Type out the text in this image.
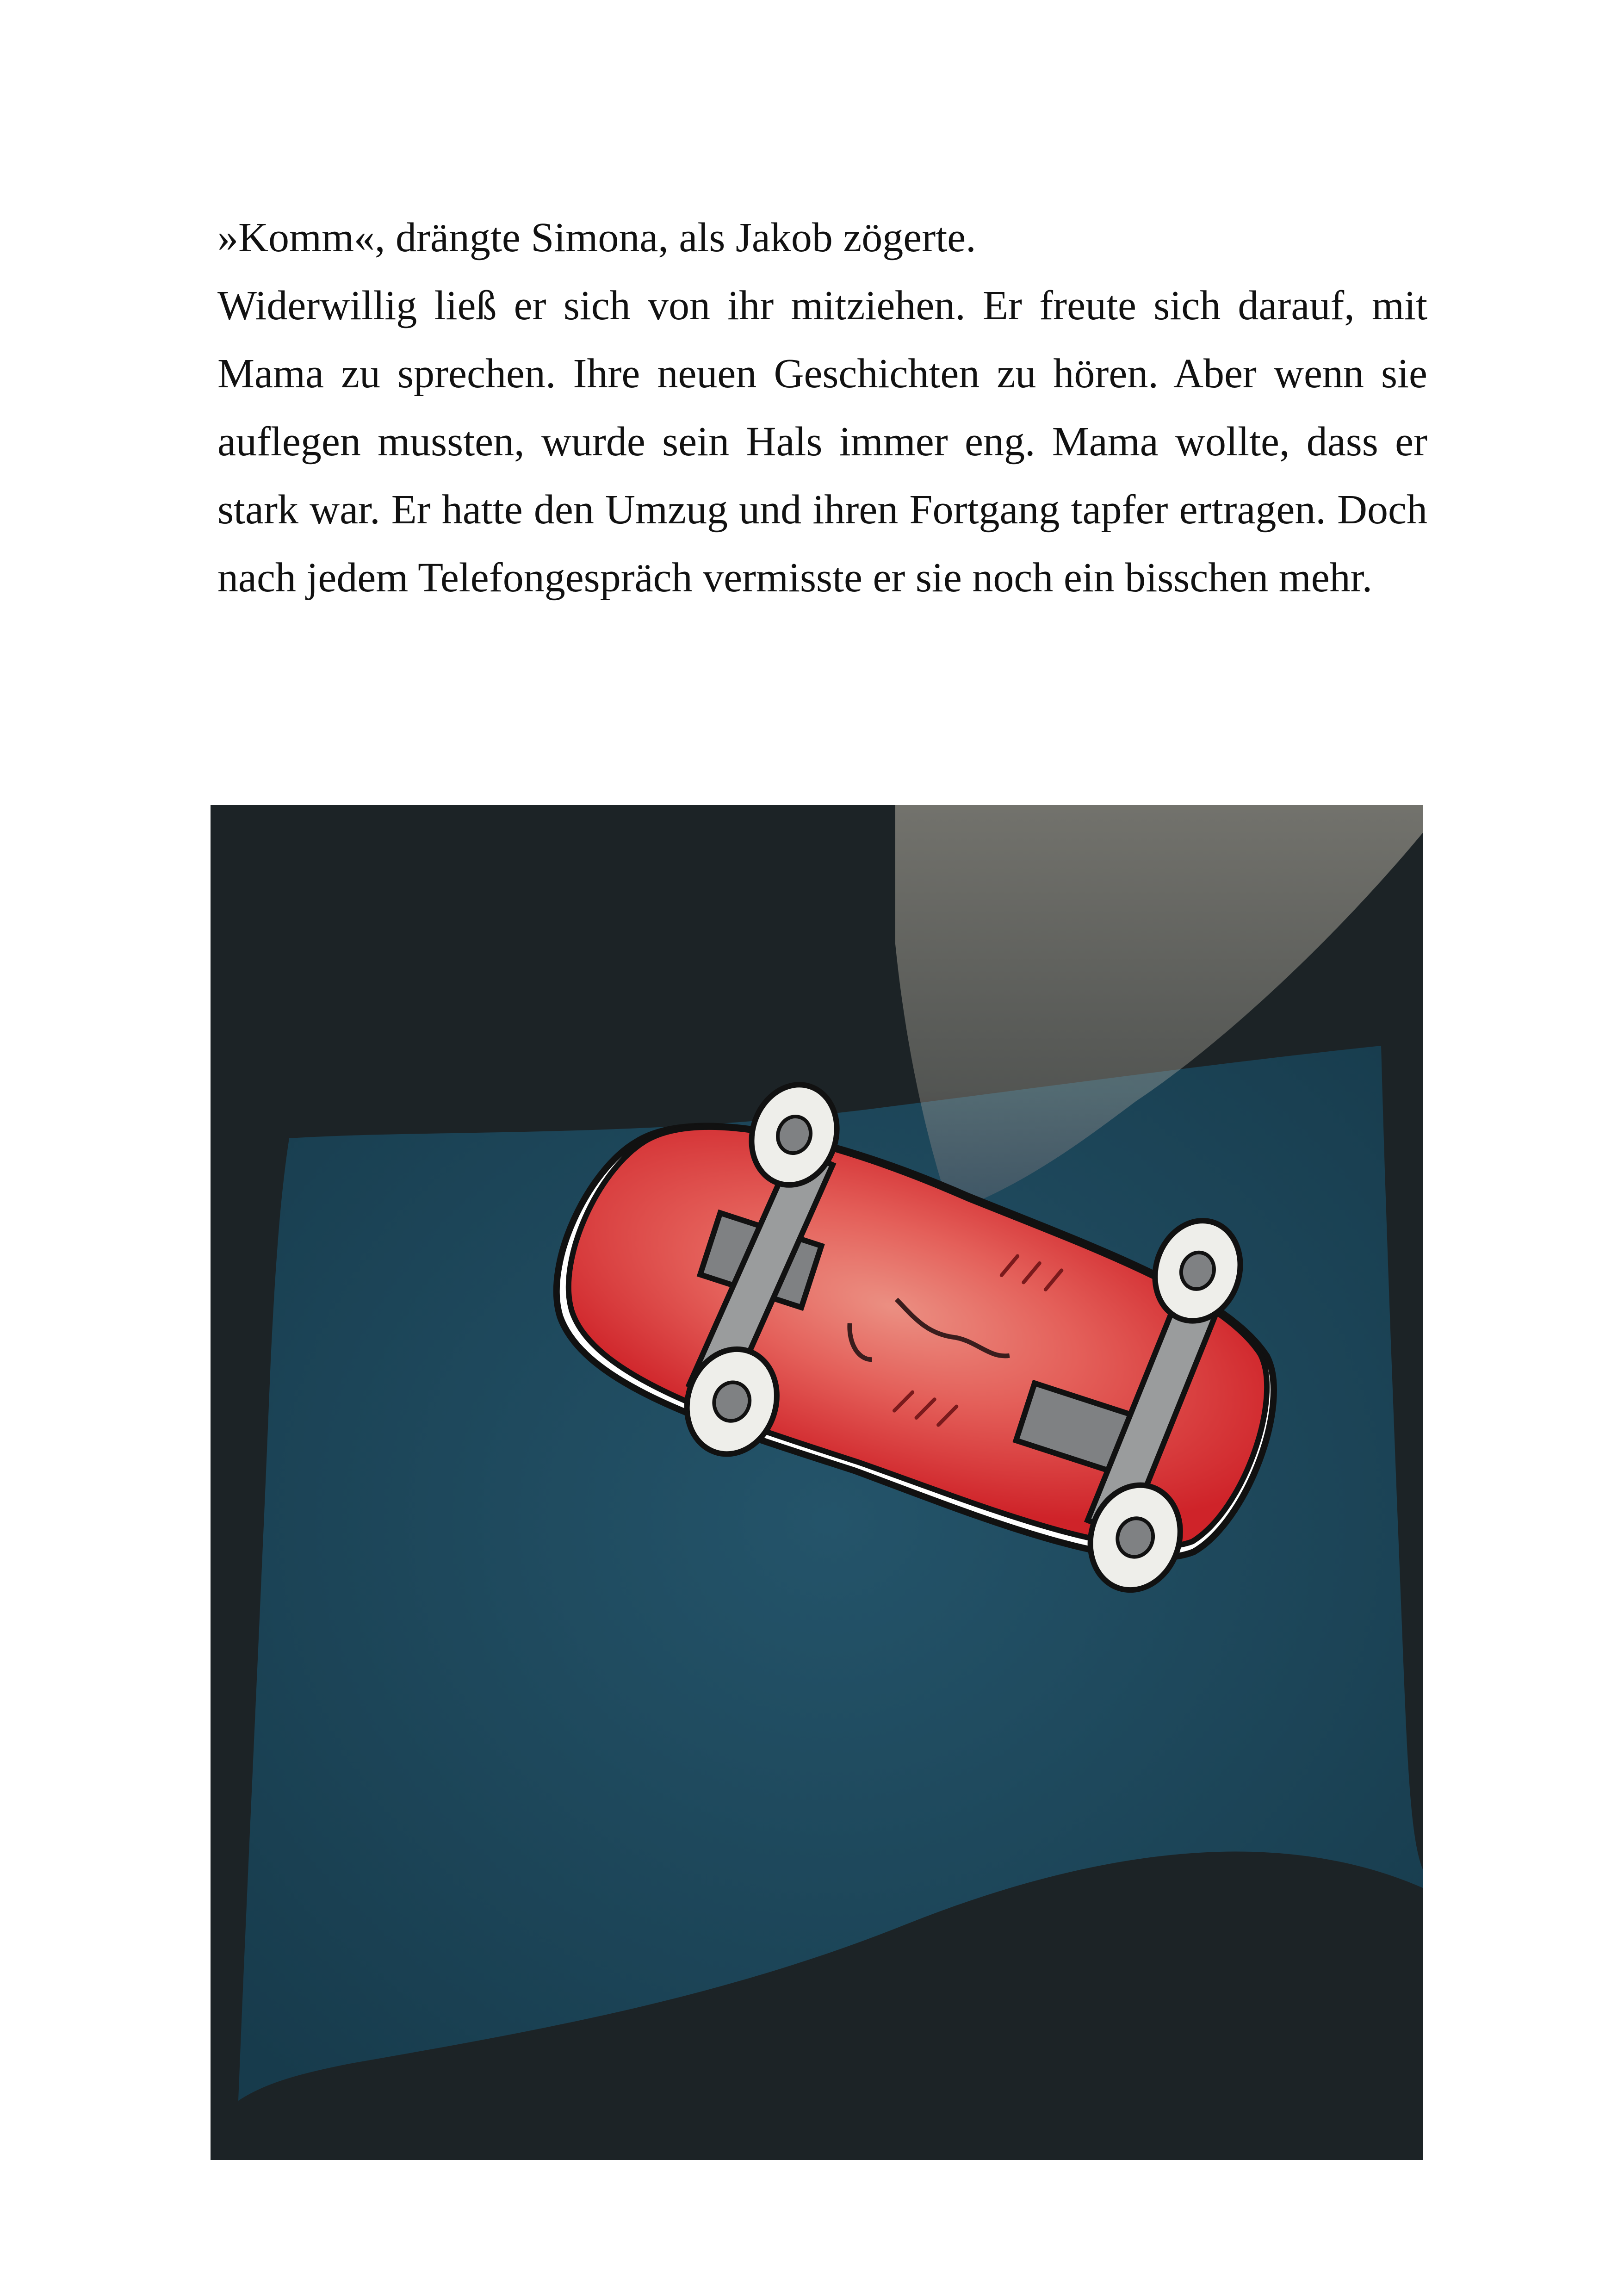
»Komm«, drängte Simona, als Jakob zögerte.

Widerwillig ließ er sich von ihr mitziehen. Er freute sich darauf, mit Mama zu sprechen. Ihre neuen Geschichten zu hören. Aber wenn sie auflegen mussten, wurde sein Hals immer eng. Mama wollte, dass er stark war. Er hatte den Umzug und ihren Fortgang tapfer ertragen. Doch nach jedem Telefongespräch vermisste er sie noch ein bisschen mehr.
